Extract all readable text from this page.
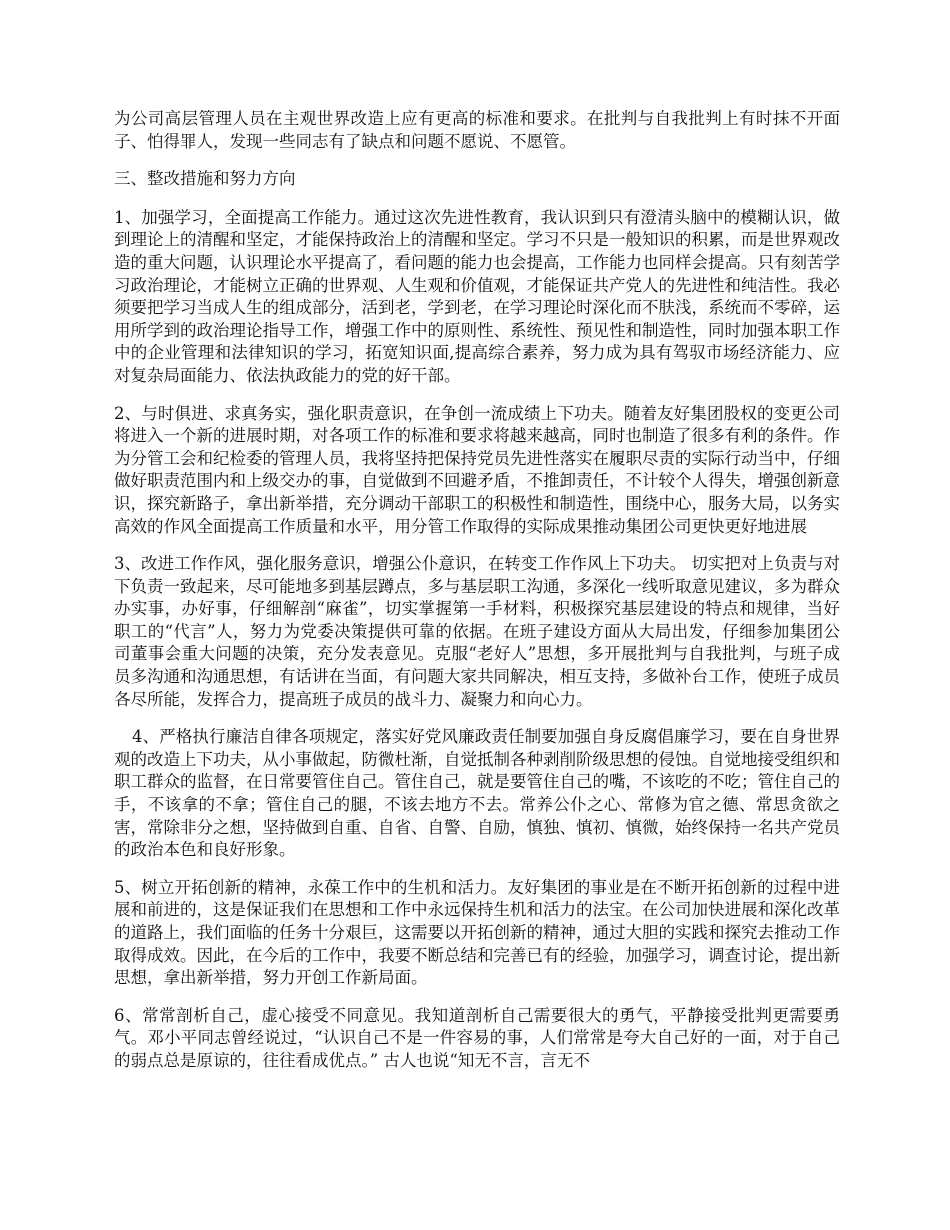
为公司高层管理人员在主观世界改造上应有更高的标准和要求。在批判与自我批判上有时抹不开面子、怕得罪人，发现一些同志有了缺点和问题不愿说、不愿管。

三、整改措施和努力方向

1、加强学习，全面提高工作能力。通过这次先进性教育，我认识到只有澄清头脑中的模糊认识，做到理论上的清醒和坚定，才能保持政治上的清醒和坚定。学习不只是一般知识的积累，而是世界观改造的重大问题，认识理论水平提高了，看问题的能力也会提高，工作能力也同样会提高。只有刻苦学习政治理论，才能树立正确的世界观、人生观和价值观，才能保证共产党人的先进性和纯洁性。我必须要把学习当成人生的组成部分，活到老，学到老，在学习理论时深化而不肤浅，系统而不零碎，运用所学到的政治理论指导工作，增强工作中的原则性、系统性、预见性和制造性，同时加强本职工作中的企业管理和法律知识的学习，拓宽知识面,提高综合素养，努力成为具有驾驭市场经济能力、应对复杂局面能力、依法执政能力的党的好干部。

2、与时俱进、求真务实，强化职责意识，在争创一流成绩上下功夫。随着友好集团股权的变更公司将进入一个新的进展时期，对各项工作的标准和要求将越来越高，同时也制造了很多有利的条件。作为分管工会和纪检委的管理人员，我将坚持把保持党员先进性落实在履职尽责的实际行动当中，仔细做好职责范围内和上级交办的事，自觉做到不回避矛盾，不推卸责任，不计较个人得失，增强创新意识，探究新路子，拿出新举措，充分调动干部职工的积极性和制造性，围绕中心，服务大局，以务实高效的作风全面提高工作质量和水平，用分管工作取得的实际成果推动集团公司更快更好地进展

3、改进工作作风，强化服务意识，增强公仆意识，在转变工作作风上下功夫。 切实把对上负责与对下负责一致起来，尽可能地多到基层蹲点，多与基层职工沟通，多深化一线听取意见建议，多为群众办实事，办好事，仔细解剖“麻雀”，切实掌握第一手材料，积极探究基层建设的特点和规律，当好职工的“代言”人，努力为党委决策提供可靠的依据。在班子建设方面从大局出发，仔细参加集团公司董事会重大问题的决策，充分发表意见。克服“老好人”思想，多开展批判与自我批判，与班子成员多沟通和沟通思想，有话讲在当面，有问题大家共同解决，相互支持，多做补台工作，使班子成员各尽所能，发挥合力，提高班子成员的战斗力、凝聚力和向心力。

4、严格执行廉洁自律各项规定，落实好党风廉政责任制要加强自身反腐倡廉学习，要在自身世界观的改造上下功夫，从小事做起，防微杜渐，自觉抵制各种剥削阶级思想的侵蚀。自觉地接受组织和职工群众的监督，在日常要管住自己。管住自己，就是要管住自己的嘴，不该吃的不吃；管住自己的手，不该拿的不拿；管住自己的腿，不该去地方不去。常养公仆之心、常修为官之德、常思贪欲之害，常除非分之想，坚持做到自重、自省、自警、自励，慎独、慎初、慎微，始终保持一名共产党员的政治本色和良好形象。

5、树立开拓创新的精神，永葆工作中的生机和活力。友好集团的事业是在不断开拓创新的过程中进展和前进的，这是保证我们在思想和工作中永远保持生机和活力的法宝。在公司加快进展和深化改革的道路上，我们面临的任务十分艰巨，这需要以开拓创新的精神，通过大胆的实践和探究去推动工作取得成效。因此，在今后的工作中，我要不断总结和完善已有的经验，加强学习，调查讨论，提出新思想，拿出新举措，努力开创工作新局面。

6、常常剖析自己，虚心接受不同意见。我知道剖析自己需要很大的勇气，平静接受批判更需要勇气。邓小平同志曾经说过，“认识自己不是一件容易的事，人们常常是夸大自己好的一面，对于自己的弱点总是原谅的，往往看成优点。” 古人也说“知无不言，言无不
